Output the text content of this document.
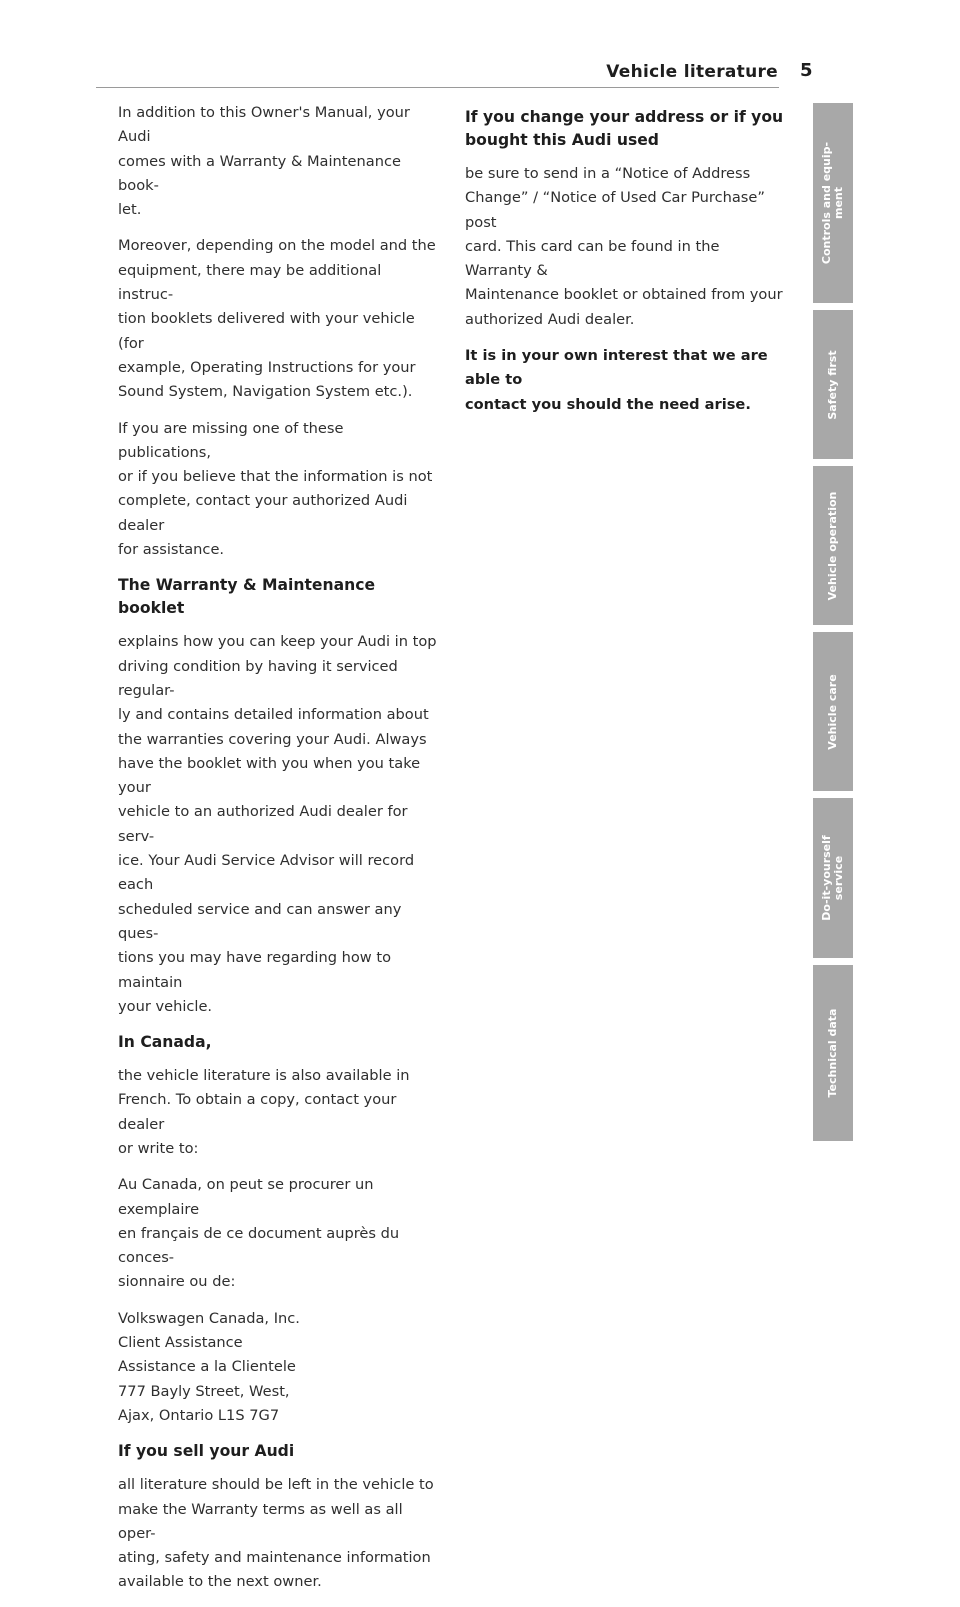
Vehicle literature 5

In addition to this Owner's Manual, your Audi
comes with a Warranty & Maintenance book-
let.

Moreover, depending on the model and the
equipment, there may be additional instruc-
tion booklets delivered with your vehicle (for
example, Operating Instructions for your
Sound System, Navigation System etc.).

If you are missing one of these publications,
or if you believe that the information is not
complete, contact your authorized Audi dealer
for assistance.

The Warranty & Maintenance booklet

explains how you can keep your Audi in top
driving condition by having it serviced regular-
ly and contains detailed information about
the warranties covering your Audi. Always
have the booklet with you when you take your
vehicle to an authorized Audi dealer for serv-
ice. Your Audi Service Advisor will record each
scheduled service and can answer any ques-
tions you may have regarding how to maintain
your vehicle.

In Canada,

the vehicle literature is also available in
French. To obtain a copy, contact your dealer
or write to:

Au Canada, on peut se procurer un exemplaire
en français de ce document auprès du conces-
sionnaire ou de:

Volkswagen Canada, Inc.
Client Assistance
Assistance a la Clientele
777 Bayly Street, West,
Ajax, Ontario L1S 7G7

If you sell your Audi

all literature should be left in the vehicle to
make the Warranty terms as well as all oper-
ating, safety and maintenance information
available to the next owner.

If you change your address or if you
bought this Audi used

be sure to send in a “Notice of Address
Change” / “Notice of Used Car Purchase” post
card. This card can be found in the Warranty &
Maintenance booklet or obtained from your
authorized Audi dealer.

It is in your own interest that we are able to
contact you should the need arise.

Controls and equip-
ment
Safety first
Vehicle operation
Vehicle care
Do-it-yourself
service
Technical data
